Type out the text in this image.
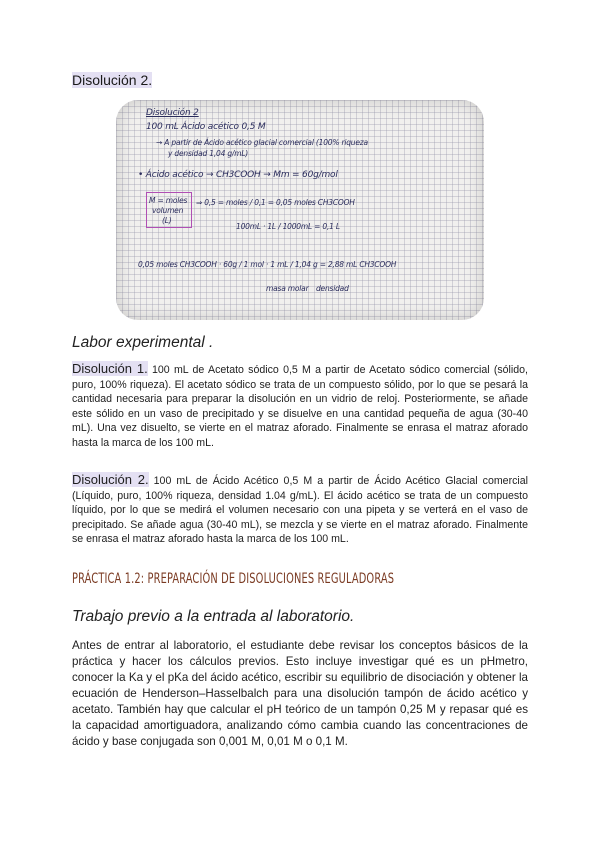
Disolución 2.
Disolución 2
100 mL Ácido acético 0,5 M
→ A partir de Ácido acético glacial comercial (100% riqueza
y densidad 1,04 g/mL)
• Ácido acético → CH3COOH → Mm = 60g/mol
M = moles
volumen
(L)
⇒ 0,5 = moles / 0,1 = 0,05 moles CH3COOH
100mL · 1L / 1000mL = 0,1 L
0,05 moles CH3COOH · 60g / 1 mol · 1 mL / 1,04 g = 2,88 mL CH3COOH
masa molar densidad
Labor experimental .
Disolución 1. 100 mL de Acetato sódico 0,5 M a partir de Acetato sódico comercial (sólido, puro, 100% riqueza). El acetato sódico se trata de un compuesto sólido, por lo que se pesará la cantidad necesaria para preparar la disolución en un vidrio de reloj. Posteriormente, se añade este sólido en un vaso de precipitado y se disuelve en una cantidad pequeña de agua (30-40 mL). Una vez disuelto, se vierte en el matraz aforado. Finalmente se enrasa el matraz aforado hasta la marca de los 100 mL.
Disolución 2. 100 mL de Ácido Acético 0,5 M a partir de Ácido Acético Glacial comercial (Líquido, puro, 100% riqueza, densidad 1.04 g/mL). El ácido acético se trata de un compuesto líquido, por lo que se medirá el volumen necesario con una pipeta y se verterá en el vaso de precipitado. Se añade agua (30-40 mL), se mezcla y se vierte en el matraz aforado. Finalmente se enrasa el matraz aforado hasta la marca de los 100 mL.
PRÁCTICA 1.2: PREPARACIÓN DE DISOLUCIONES REGULADORAS
Trabajo previo a la entrada al laboratorio.
Antes de entrar al laboratorio, el estudiante debe revisar los conceptos básicos de la práctica y hacer los cálculos previos. Esto incluye investigar qué es un pHmetro, conocer la Ka y el pKa del ácido acético, escribir su equilibrio de disociación y obtener la ecuación de Henderson–Hasselbalch para una disolución tampón de ácido acético y acetato. También hay que calcular el pH teórico de un tampón 0,25 M y repasar qué es la capacidad amortiguadora, analizando cómo cambia cuando las concentraciones de ácido y base conjugada son 0,001 M, 0,01 M o 0,1 M.
